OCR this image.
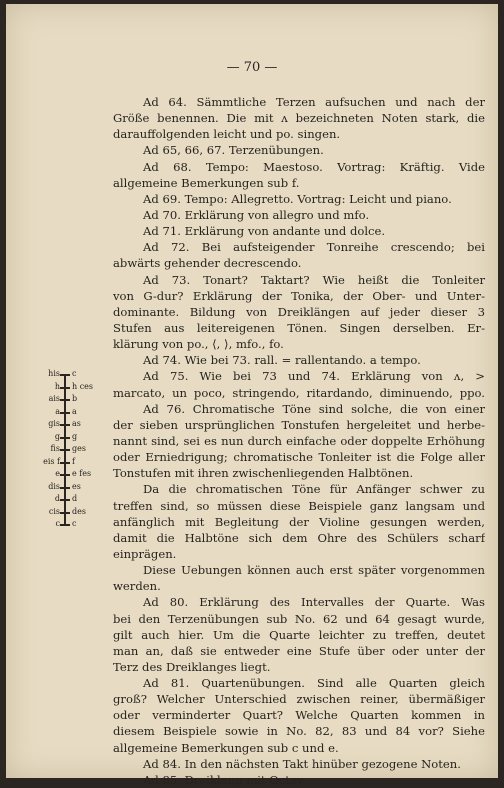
— 70 —
Ad 64. Sämmtliche Terzen aufsuchen und nach der
Größe benennen. Die mit ʌ bezeichneten Noten stark, die
darauffolgenden leicht und po. singen.
Ad 65, 66, 67. Terzenübungen.
Ad 68. Tempo: Maestoso. Vortrag: Kräftig. Vide
allgemeine Bemerkungen sub f.
Ad 69. Tempo: Allegretto. Vortrag: Leicht und piano.
Ad 70. Erklärung von allegro und mfo.
Ad 71. Erklärung von andante und dolce.
Ad 72. Bei aufsteigender Tonreihe crescendo; bei
abwärts gehender decrescendo.
Ad 73. Tonart? Taktart? Wie heißt die Tonleiter
von G-dur? Erklärung der Tonika, der Ober- und Unter-
dominante. Bildung von Dreiklängen auf jeder dieser 3
Stufen aus leitereigenen Tönen. Singen derselben. Er-
klärung von po., ⟨, ⟩, mfo., fo.
Ad 74. Wie bei 73. rall. = rallentando. a tempo.
Ad 75. Wie bei 73 und 74. Erklärung von ʌ, >
marcato, un poco, stringendo, ritardando, diminuendo, ppo.
Ad 76. Chromatische Töne sind solche, die von einer
der sieben ursprünglichen Tonstufen hergeleitet und herbe-
nannt sind, sei es nun durch einfache oder doppelte Erhöhung
oder Erniedrigung; chromatische Tonleiter ist die Folge aller
Tonstufen mit ihren zwischenliegenden Halbtönen.
Da die chromatischen Töne für Anfänger schwer zu
treffen sind, so müssen diese Beispiele ganz langsam und
anfänglich mit Begleitung der Violine gesungen werden,
damit die Halbtöne sich dem Ohre des Schülers scharf
einprägen.
Diese Uebungen können auch erst später vorgenommen
werden.
Ad 80. Erklärung des Intervalles der Quarte. Was
bei den Terzenübungen sub No. 62 und 64 gesagt wurde,
gilt auch hier. Um die Quarte leichter zu treffen, deutet
man an, daß sie entweder eine Stufe über oder unter der
Terz des Dreiklanges liegt.
Ad 81. Quartenübungen. Sind alle Quarten gleich
groß? Welcher Unterschied zwischen reiner, übermäßiger
oder verminderter Quart? Welche Quarten kommen in
diesem Beispiele sowie in No. 82, 83 und 84 vor? Siehe
allgemeine Bemerkungen sub c und e.
Ad 84. In den nächsten Takt hinüber gezogene Noten.
Ad 85. Dreiklang mit Octav.
his c
h h ces
ais b
a a
gis as
g g
fis ges
eis f f
e e fes
dis es
d d
cis des
c c
